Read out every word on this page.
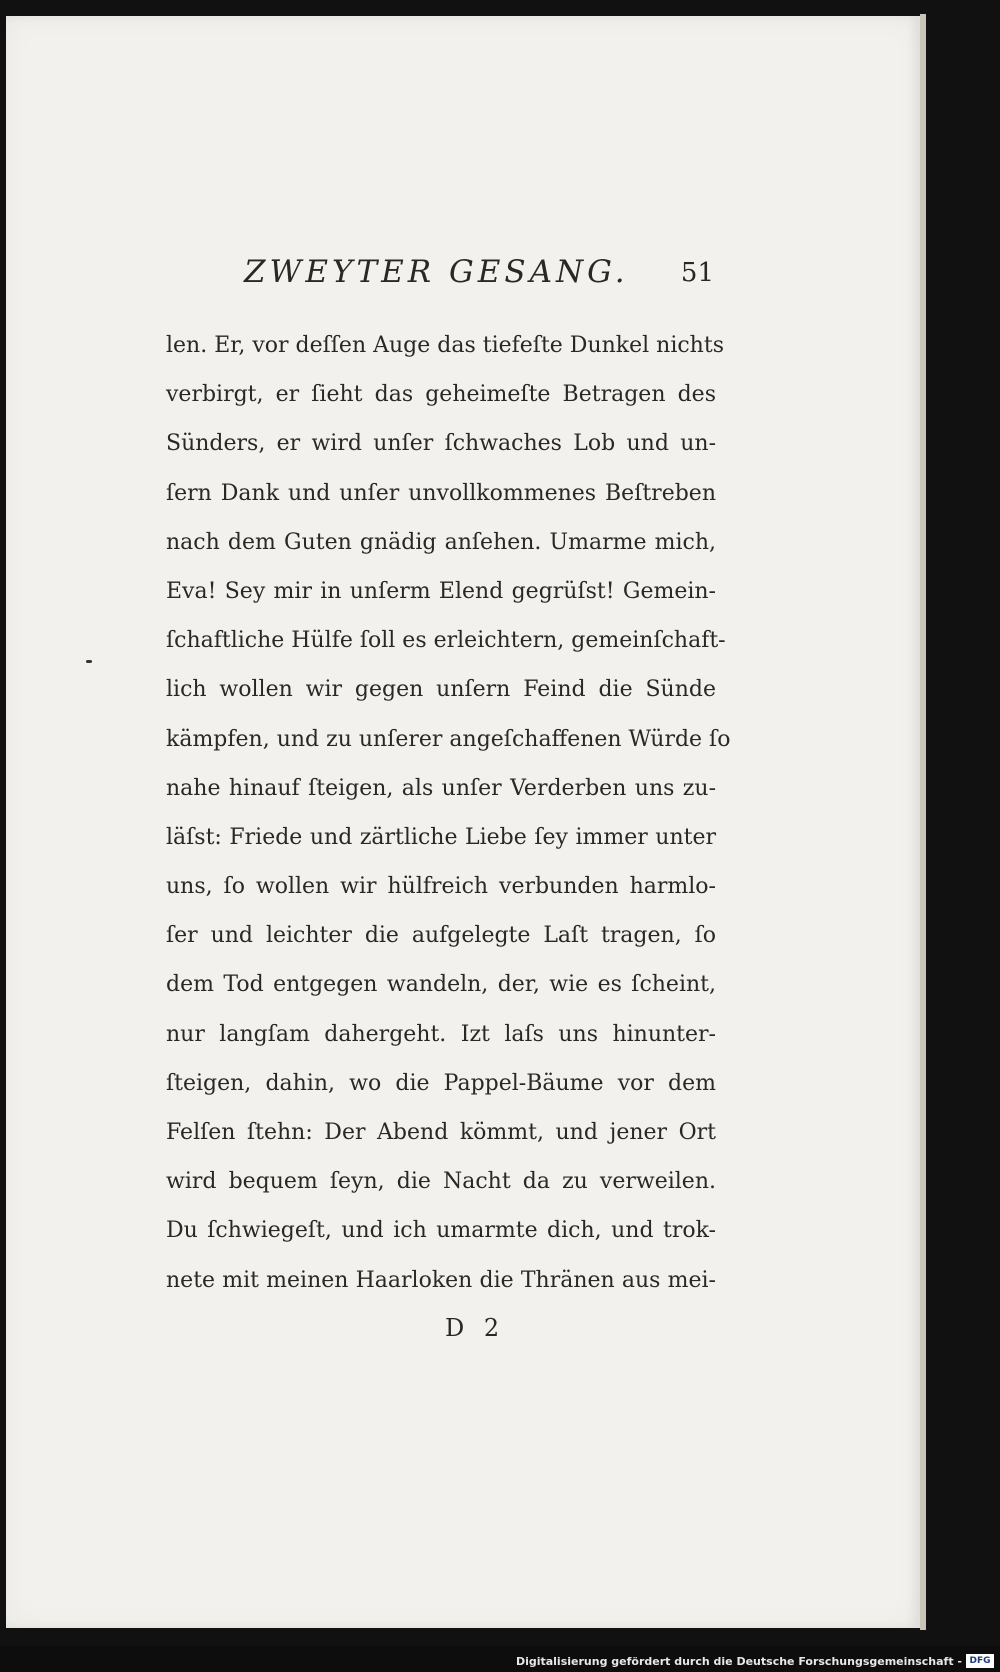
ZWEYTER GESANG. 51
len. Er, vor deſſen Auge das tiefeſte Dunkel nichts
verbirgt, er ſieht das geheimeſte Betragen des
Sünders, er wird unſer ſchwaches Lob und un-
ſern Dank und unſer unvollkommenes Beſtreben
nach dem Guten gnädig anſehen. Umarme mich,
Eva! Sey mir in unſerm Elend gegrüſst! Gemein-
ſchaftliche Hülfe ſoll es erleichtern, gemeinſchaft-
lich wollen wir gegen unſern Feind die Sünde
kämpfen, und zu unſerer angeſchaffenen Würde ſo
nahe hinauf ſteigen, als unſer Verderben uns zu-
läſst: Friede und zärtliche Liebe ſey immer unter
uns, ſo wollen wir hülfreich verbunden harmlo-
ſer und leichter die aufgelegte Laſt tragen, ſo
dem Tod entgegen wandeln, der, wie es ſcheint,
nur langſam dahergeht. Izt laſs uns hinunter-
ſteigen, dahin, wo die Pappel-Bäume vor dem
Felſen ſtehn: Der Abend kömmt, und jener Ort
wird bequem ſeyn, die Nacht da zu verweilen.
Du ſchwiegeſt, und ich umarmte dich, und trok-
nete mit meinen Haarloken die Thränen aus mei-
D 2
Digitalisierung gefördert durch die Deutsche Forschungsgemeinschaft - DFG
